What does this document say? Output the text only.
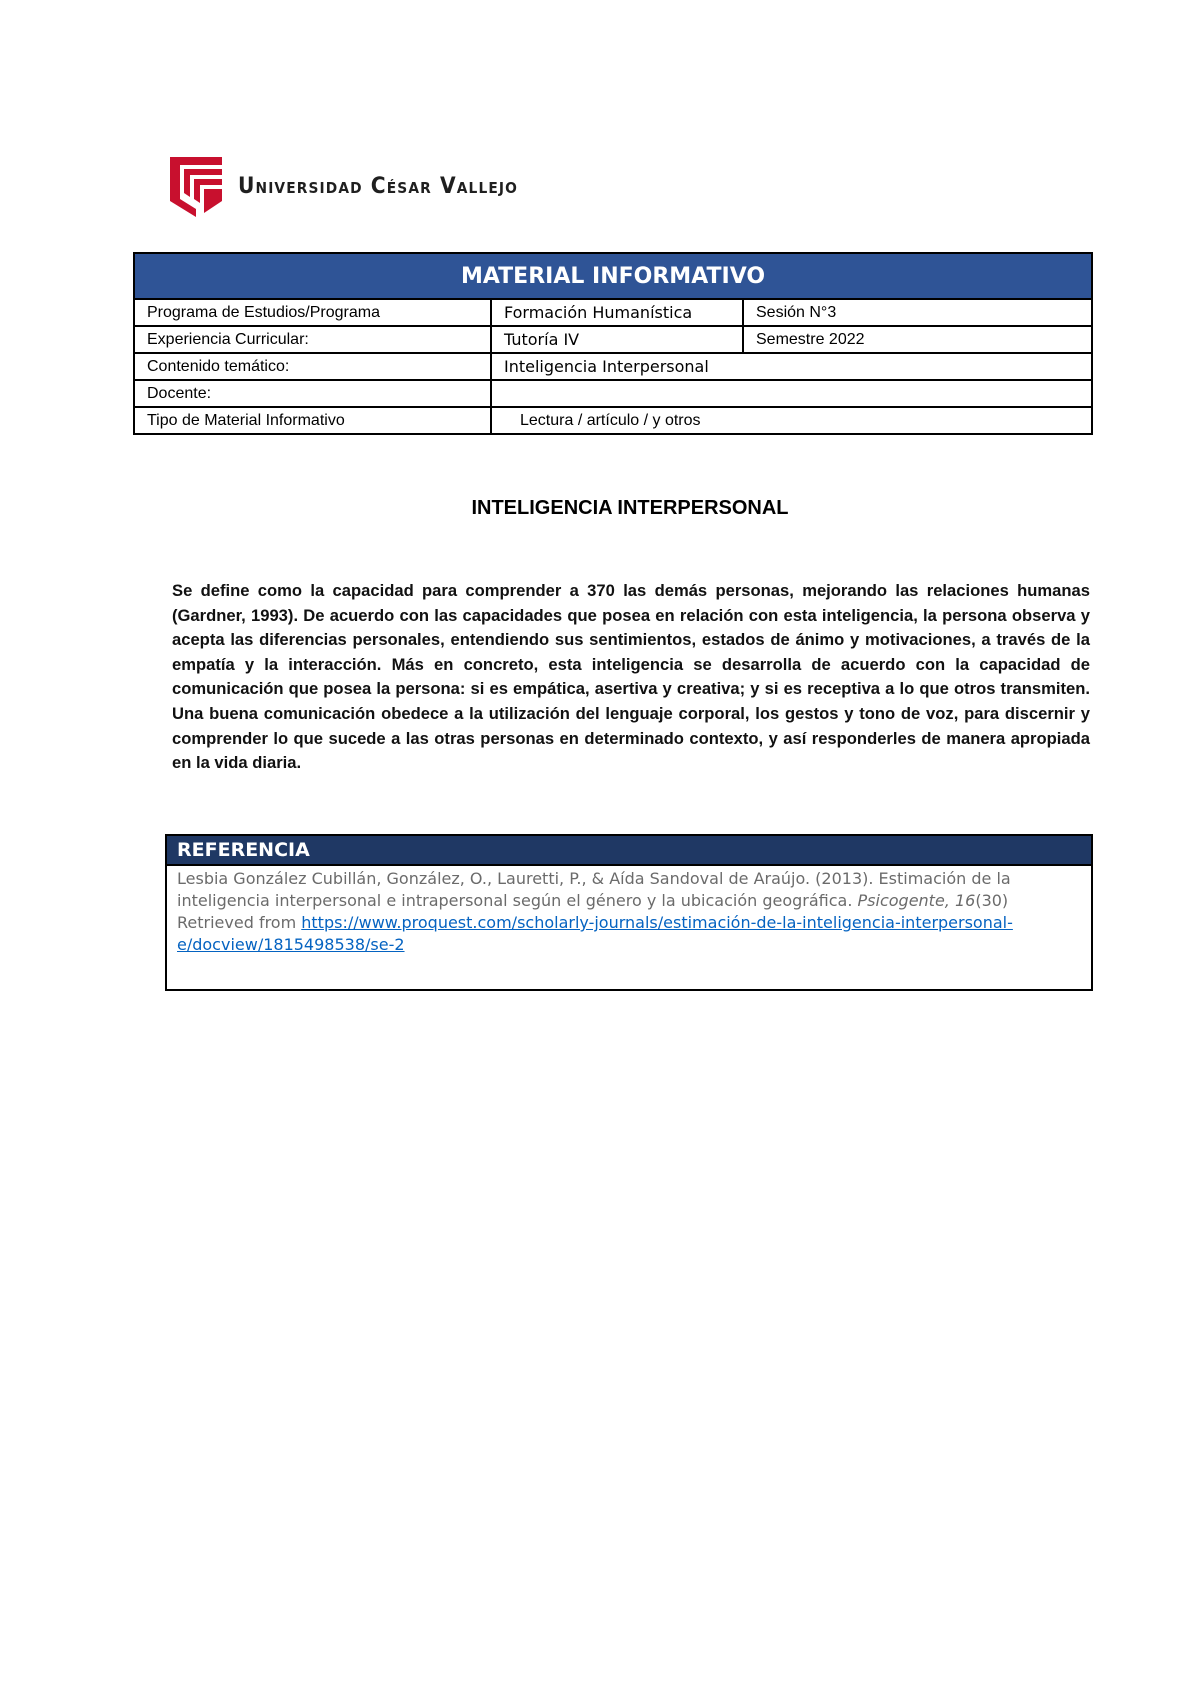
Universidad César Vallejo
MATERIAL INFORMATIVO		
Programa de Estudios/Programa	Formación Humanística	Sesión N°3
Experiencia Curricular:	Tutoría IV	Semestre 2022
Contenido temático:	Inteligencia Interpersonal	
Docente:		
Tipo de Material Informativo	Lectura / artículo / y otros	
INTELIGENCIA INTERPERSONAL
Se define como la capacidad para comprender a 370 las demás personas, mejorando las relaciones humanas (Gardner, 1993). De acuerdo con las capacidades que posea en relación con esta inteligencia, la persona observa y acepta las diferencias personales, entendiendo sus sentimientos, estados de ánimo y motivaciones, a través de la empatía y la interacción. Más en concreto, esta inteligencia se desarrolla de acuerdo con la capacidad de comunicación que posea la persona: si es empática, asertiva y creativa; y si es receptiva a lo que otros transmiten. Una buena comunicación obedece a la utilización del lenguaje corporal, los gestos y tono de voz, para discernir y comprender lo que sucede a las otras personas en determinado contexto, y así responderles de manera apropiada en la vida diaria.
REFERENCIA
Lesbia González Cubillán, González, O., Lauretti, P., & Aída Sandoval de Araújo. (2013). Estimación de la inteligencia interpersonal e intrapersonal según el género y la ubicación geográfica. Psicogente, 16(30) Retrieved from https://www.proquest.com/scholarly-journals/estimación-de-la-inteligencia-interpersonal-e/docview/1815498538/se-2
